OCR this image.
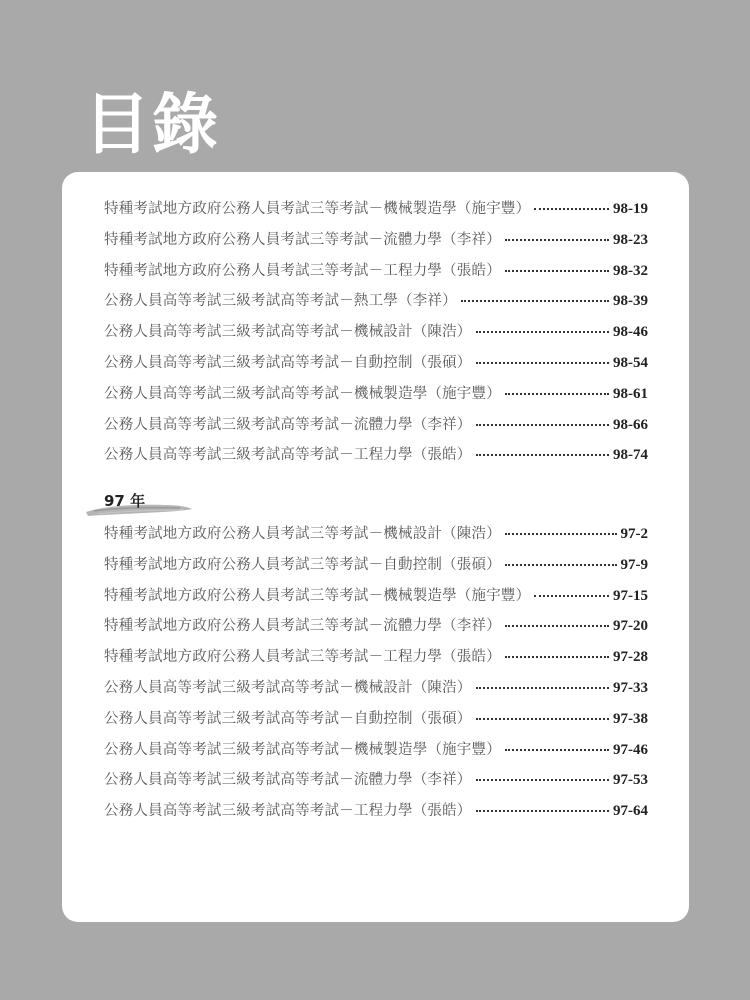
目錄
特種考試地方政府公務人員考試三等考試－機械製造學（施宇豐）	98-19
特種考試地方政府公務人員考試三等考試－流體力學（李祥）	98-23
特種考試地方政府公務人員考試三等考試－工程力學（張皓）	98-32
公務人員高等考試三級考試高等考試－熱工學（李祥）	98-39
公務人員高等考試三級考試高等考試－機械設計（陳浩）	98-46
公務人員高等考試三級考試高等考試－自動控制（張碩）	98-54
公務人員高等考試三級考試高等考試－機械製造學（施宇豐）	98-61
公務人員高等考試三級考試高等考試－流體力學（李祥）	98-66
公務人員高等考試三級考試高等考試－工程力學（張皓）	98-74
97 年
特種考試地方政府公務人員考試三等考試－機械設計（陳浩）	97-2
特種考試地方政府公務人員考試三等考試－自動控制（張碩）	97-9
特種考試地方政府公務人員考試三等考試－機械製造學（施宇豐）	97-15
特種考試地方政府公務人員考試三等考試－流體力學（李祥）	97-20
特種考試地方政府公務人員考試三等考試－工程力學（張皓）	97-28
公務人員高等考試三級考試高等考試－機械設計（陳浩）	97-33
公務人員高等考試三級考試高等考試－自動控制（張碩）	97-38
公務人員高等考試三級考試高等考試－機械製造學（施宇豐）	97-46
公務人員高等考試三級考試高等考試－流體力學（李祥）	97-53
公務人員高等考試三級考試高等考試－工程力學（張皓）	97-64
